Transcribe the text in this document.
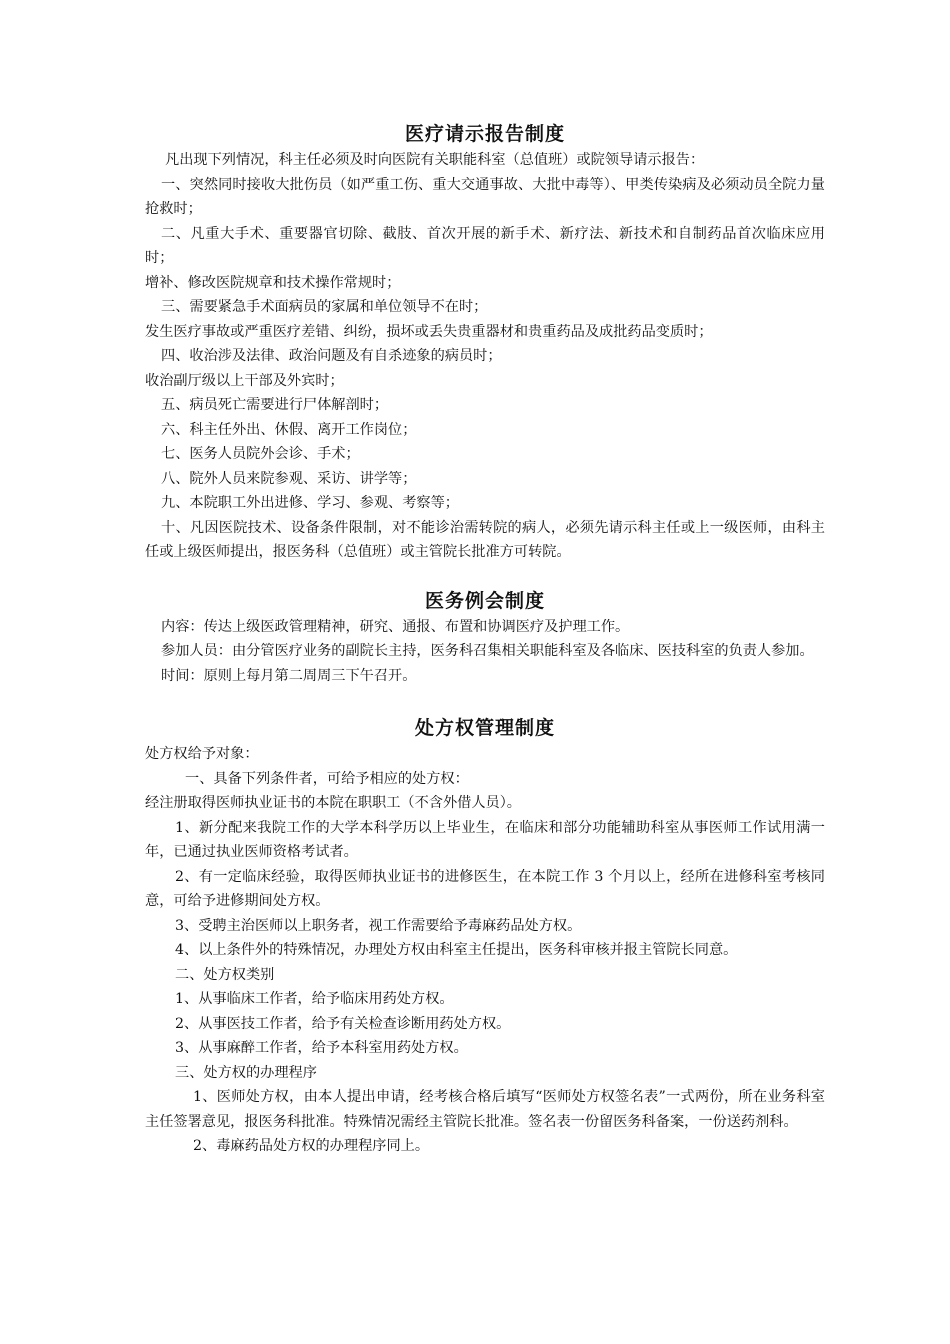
医疗请示报告制度

凡出现下列情况，科主任必须及时向医院有关职能科室（总值班）或院领导请示报告：

一、突然同时接收大批伤员（如严重工伤、重大交通事故、大批中毒等）、甲类传染病及必须动员全院力量抢救时；

二、凡重大手术、重要器官切除、截肢、首次开展的新手术、新疗法、新技术和自制药品首次临床应用时；

增补、修改医院规章和技术操作常规时；

三、需要紧急手术面病员的家属和单位领导不在时；

发生医疗事故或严重医疗差错、纠纷，损坏或丢失贵重器材和贵重药品及成批药品变质时；

四、收治涉及法律、政治问题及有自杀迹象的病员时；

收治副厅级以上干部及外宾时；

五、病员死亡需要进行尸体解剖时；

六、科主任外出、休假、离开工作岗位；

七、医务人员院外会诊、手术；

八、院外人员来院参观、采访、讲学等；

九、本院职工外出进修、学习、参观、考察等；

十、凡因医院技术、设备条件限制，对不能诊治需转院的病人，必须先请示科主任或上一级医师，由科主任或上级医师提出，报医务科（总值班）或主管院长批准方可转院。

医务例会制度

内容：传达上级医政管理精神，研究、通报、布置和协调医疗及护理工作。

参加人员：由分管医疗业务的副院长主持，医务科召集相关职能科室及各临床、医技科室的负责人参加。

时间：原则上每月第二周周三下午召开。

处方权管理制度

处方权给予对象：

一、具备下列条件者，可给予相应的处方权：

经注册取得医师执业证书的本院在职职工（不含外借人员）。

1、新分配来我院工作的大学本科学历以上毕业生，在临床和部分功能辅助科室从事医师工作试用满一年，已通过执业医师资格考试者。

2、有一定临床经验，取得医师执业证书的进修医生，在本院工作 3 个月以上，经所在进修科室考核同意，可给予进修期间处方权。

3、受聘主治医师以上职务者，视工作需要给予毒麻药品处方权。

4、以上条件外的特殊情况，办理处方权由科室主任提出，医务科审核并报主管院长同意。

二、处方权类别

1、从事临床工作者，给予临床用药处方权。

2、从事医技工作者，给予有关检查诊断用药处方权。

3、从事麻醉工作者，给予本科室用药处方权。

三、处方权的办理程序

1、医师处方权，由本人提出申请，经考核合格后填写“医师处方权签名表”一式两份，所在业务科室主任签署意见，报医务科批准。特殊情况需经主管院长批准。签名表一份留医务科备案，一份送药剂科。

2、毒麻药品处方权的办理程序同上。
